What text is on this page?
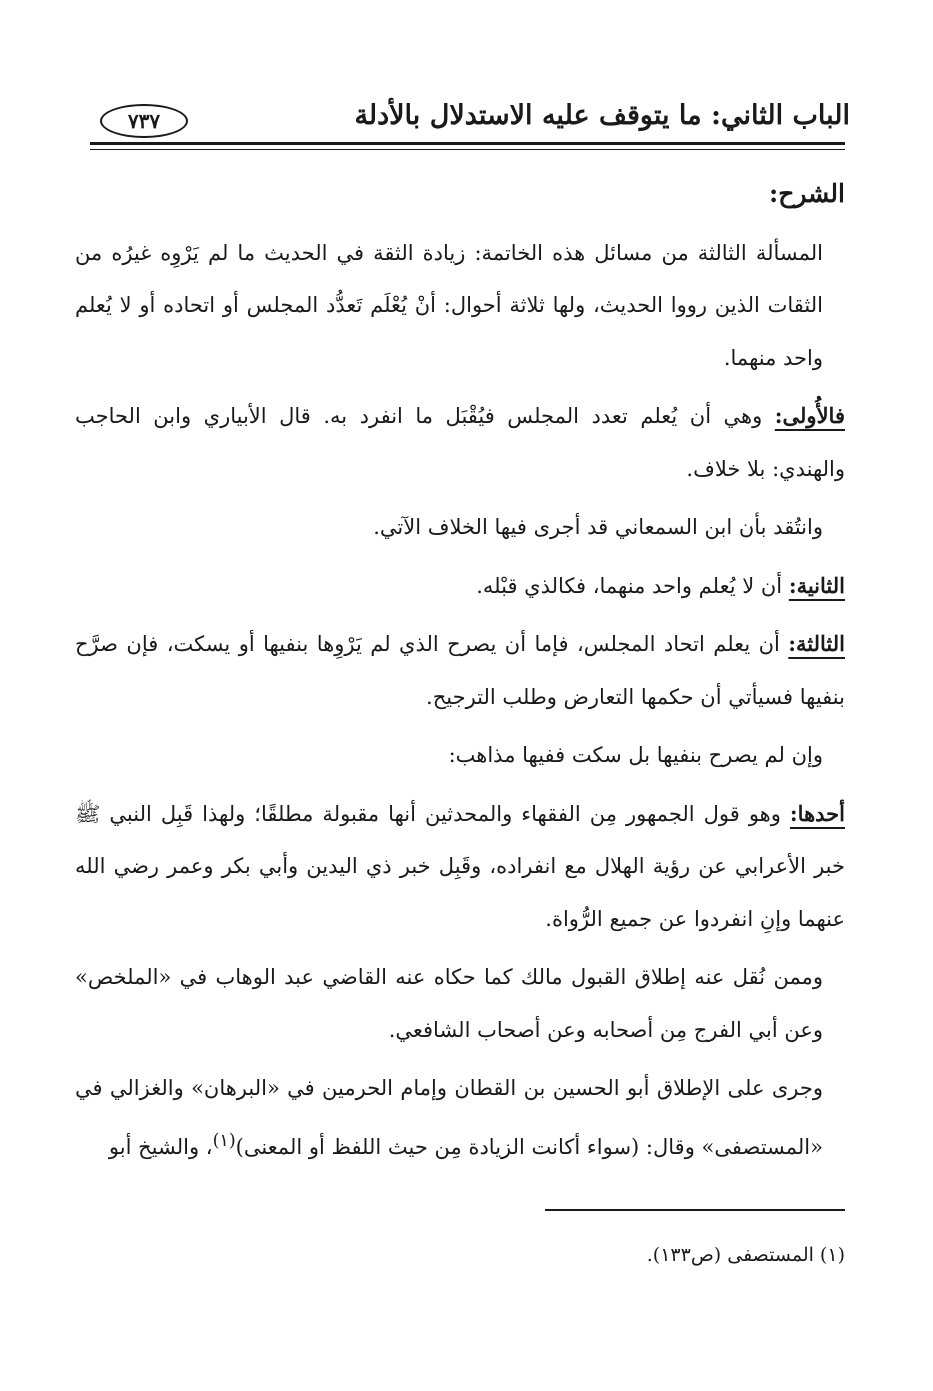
الباب الثاني: ما يتوقف عليه الاستدلال بالأدلة
٧٣٧

الشرح:

المسألة الثالثة من مسائل هذه الخاتمة: زيادة الثقة في الحديث ما لم يَرْوِه غيرُه من الثقات الذين رووا الحديث، ولها ثلاثة أحوال: أنْ يُعْلَم تَعدُّد المجلس أو اتحاده أو لا يُعلم واحد منهما.

فالأُولى: وهي أن يُعلم تعدد المجلس فيُقْبَل ما انفرد به. قال الأبياري وابن الحاجب والهندي: بلا خلاف.

وانتُقد بأن ابن السمعاني قد أجرى فيها الخلاف الآتي.

الثانية: أن لا يُعلم واحد منهما، فكالذي قبْله.

الثالثة: أن يعلم اتحاد المجلس، فإما أن يصرح الذي لم يَرْوِها بنفيها أو يسكت، فإن صرَّح بنفيها فسيأتي أن حكمها التعارض وطلب الترجيح.

وإن لم يصرح بنفيها بل سكت ففيها مذاهب:

أحدها: وهو قول الجمهور مِن الفقهاء والمحدثين أنها مقبولة مطلقًا؛ ولهذا قَبِل النبي ﷺ خبر الأعرابي عن رؤية الهلال مع انفراده، وقَبِل خبر ذي اليدين وأبي بكر وعمر رضي الله عنهما وإنِ انفردوا عن جميع الرُّواة.

وممن نُقل عنه إطلاق القبول مالك كما حكاه عنه القاضي عبد الوهاب في «الملخص» وعن أبي الفرج مِن أصحابه وعن أصحاب الشافعي.

وجرى على الإطلاق أبو الحسين بن القطان وإمام الحرمين في «البرهان» والغزالي في «المستصفى» وقال: (سواء أكانت الزيادة مِن حيث اللفظ أو المعنى)$^{(١)}$، والشيخ أبو

(١) المستصفى (ص١٣٣).
